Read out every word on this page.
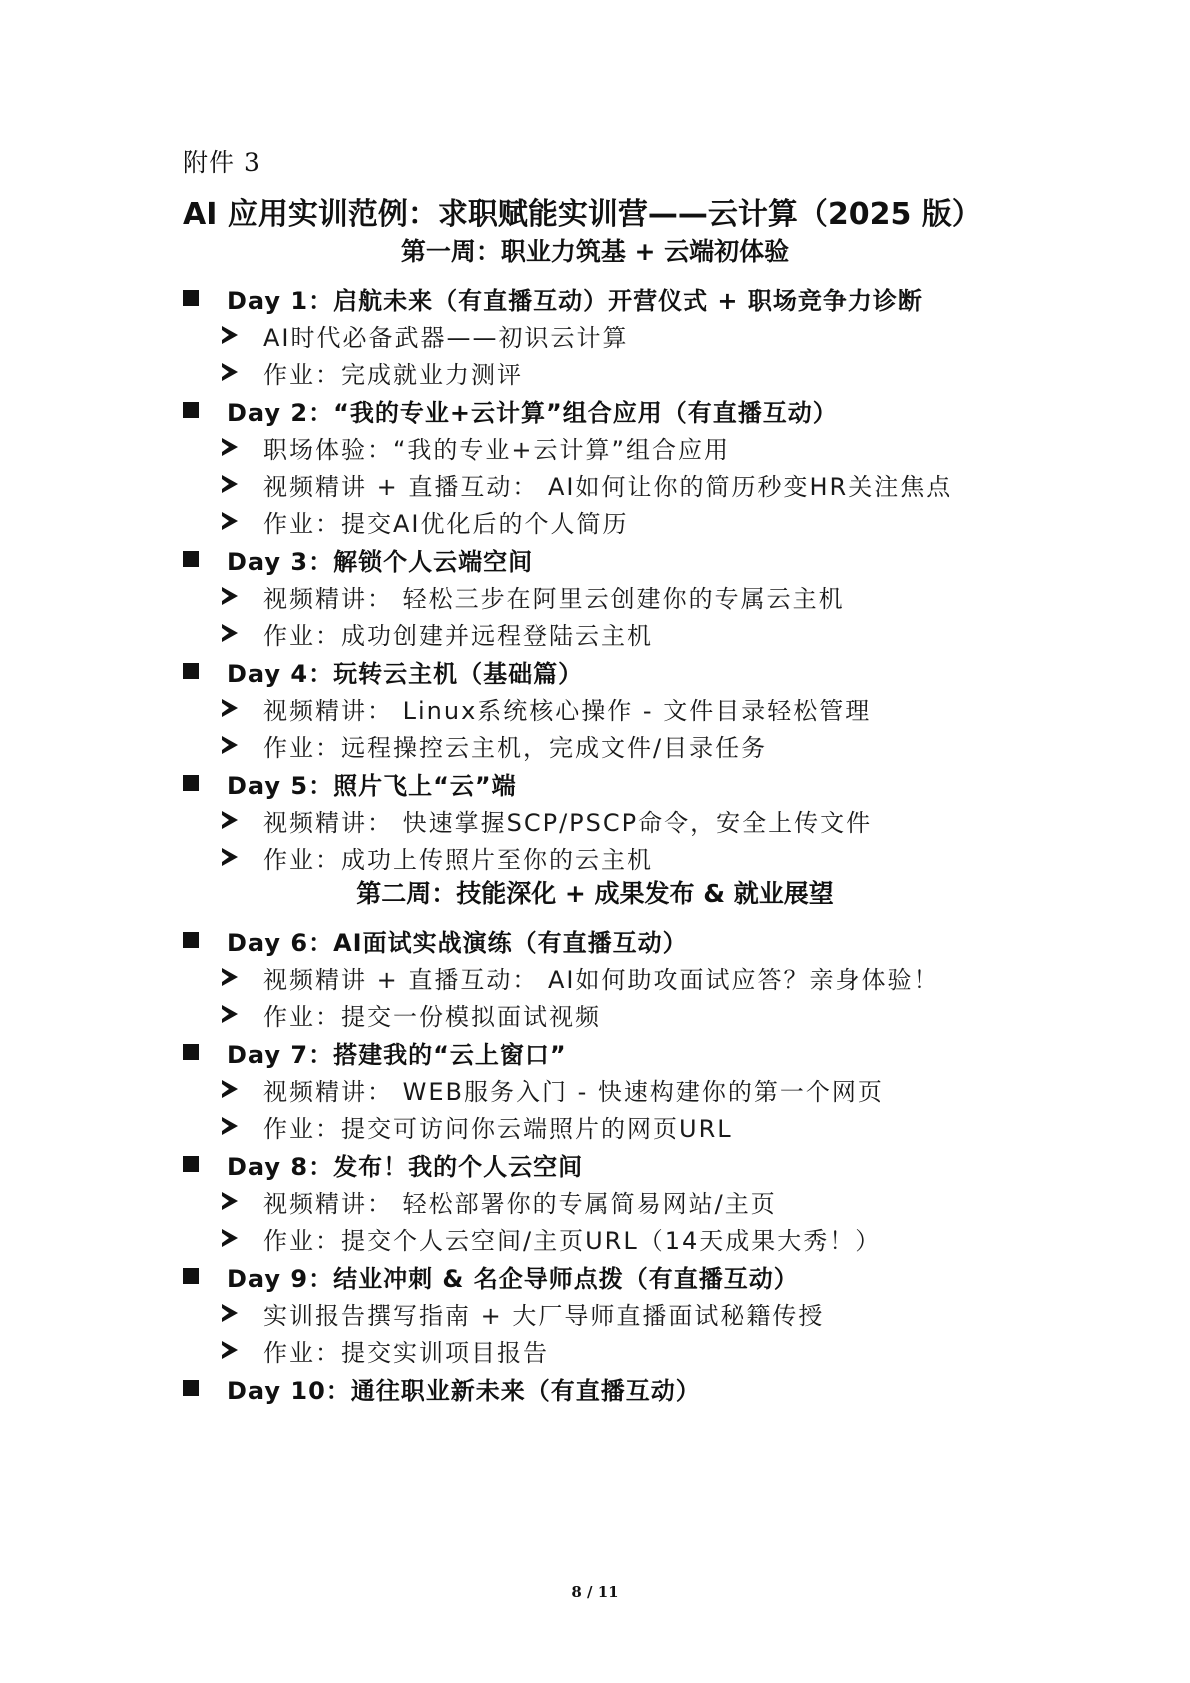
附件 3
AI 应用实训范例：求职赋能实训营——云计算（2025 版）
第一周：职业力筑基 + 云端初体验
Day 1：启航未来（有直播互动）开营仪式 + 职场竞争力诊断
AI时代必备武器——初识云计算
作业：完成就业力测评
Day 2：“我的专业+云计算”组合应用（有直播互动）
职场体验：“我的专业+云计算”组合应用
视频精讲 + 直播互动： AI如何让你的简历秒变HR关注焦点
作业：提交AI优化后的个人简历
Day 3：解锁个人云端空间
视频精讲： 轻松三步在阿里云创建你的专属云主机
作业：成功创建并远程登陆云主机
Day 4：玩转云主机（基础篇）
视频精讲： Linux系统核心操作 - 文件目录轻松管理
作业：远程操控云主机，完成文件/目录任务
Day 5：照片飞上“云”端
视频精讲： 快速掌握SCP/PSCP命令，安全上传文件
作业：成功上传照片至你的云主机
第二周：技能深化 + 成果发布 & 就业展望
Day 6：AI面试实战演练（有直播互动）
视频精讲 + 直播互动： AI如何助攻面试应答？亲身体验！
作业：提交一份模拟面试视频
Day 7：搭建我的“云上窗口”
视频精讲： WEB服务入门 - 快速构建你的第一个网页
作业：提交可访问你云端照片的网页URL
Day 8：发布！我的个人云空间
视频精讲： 轻松部署你的专属简易网站/主页
作业：提交个人云空间/主页URL（14天成果大秀！）
Day 9：结业冲刺 & 名企导师点拨（有直播互动）
实训报告撰写指南 + 大厂导师直播面试秘籍传授
作业：提交实训项目报告
Day 10：通往职业新未来（有直播互动）
8 / 11
